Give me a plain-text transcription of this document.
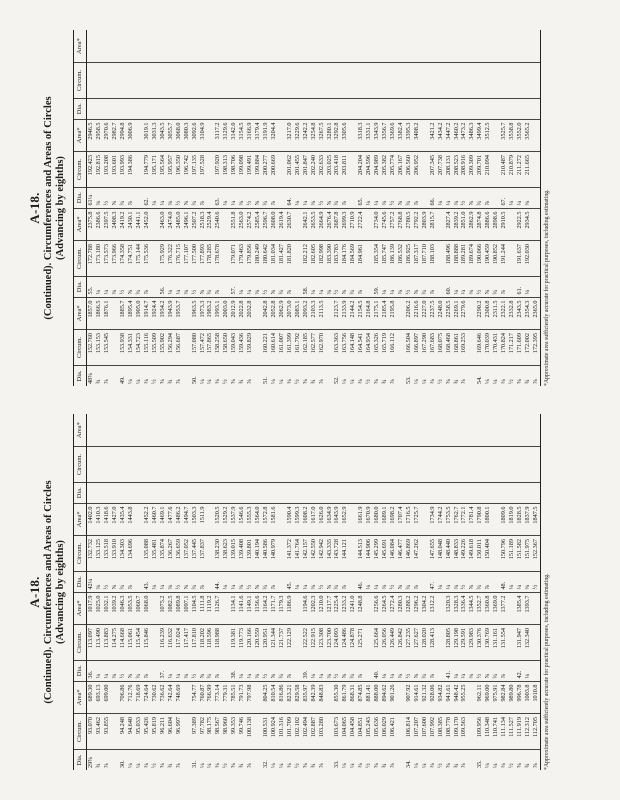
A-18. (Continued). Circumferences and Areas of Circles (Advancing by eighths)
Dia.	Circum.	Area*	Dia.	Circum.	Area*	Dia.	Circum.	Area*	Dia.	Circum.	Area*
29⅝	93.070	689.30	36.	113.097	1017.9	42¼	132.732	1402.0			
¾	93.462	693.13	⅛	113.490	1025.0	⅜	133.125	1410.3			
⅞	93.855	699.00	¼	113.883	1032.1	½	133.518	1418.6			
			⅜	114.275	1039.2	⅝	133.910	1427.0			
30.	94.248	706.86	½	114.668	1046.3	¾	134.303	1435.4			
⅛	94.640	712.76	⅝	115.061	1053.5	⅞	134.696	1443.8			
¼	95.033	718.69	¾	115.454	1060.7						
⅜	95.426	724.64	⅞	115.846	1068.0	43.	135.088	1452.2			
½	95.819	730.62				⅛	135.481	1460.7			
⅝	96.211	736.62	37.	116.239	1075.2	¼	135.874	1469.1			
¾	96.604	742.64	⅛	116.632	1082.5	⅜	136.267	1477.6			
⅞	96.997	748.69	¼	117.024	1089.8	½	136.659	1486.2			
			⅜	117.417	1097.1	⅝	137.052	1494.7			
31.	97.389	754.77	½	117.810	1104.5	¾	137.445	1503.3			
⅛	97.782	760.87	⅝	118.202	1111.8	⅞	137.837	1511.9			
¼	98.175	766.99	¾	118.596	1119.2						
⅜	98.567	773.14	⅞	118.988	1126.7	44.	138.230	1520.5			
½	98.960	779.31				⅛	138.623	1529.2			
⅝	99.353	785.51	38.	119.381	1134.1	¼	139.015	1537.9			
¾	99.746	791.73	⅛	119.773	1141.6	⅜	139.408	1546.6			
⅞	100.138	797.98	¼	120.166	1149.1	½	139.801	1555.3			
			⅜	120.559	1156.6	⅝	140.194	1564.0			
32.	100.531	804.25	½	120.951	1164.2	¾	140.586	1572.8			
⅛	100.924	810.54	⅝	121.344	1171.7	⅞	140.979	1581.6			
¼	101.316	816.86	¾	121.737	1179.3						
⅜	101.709	823.21	⅞	122.129	1186.9	45.	141.372	1590.4			
½	102.102	829.58				⅛	141.764	1599.3			
⅝	102.494	835.97	39.	122.522	1194.6	¼	142.157	1608.2			
¾	102.887	842.39	⅛	122.915	1202.3	⅜	142.550	1617.0			
⅞	103.280	848.83	¼	123.308	1210.0	½	142.942	1626.0			
			⅜	123.700	1217.7	⅝	143.335	1634.9			
33.	103.673	855.30	½	124.093	1225.4	¾	143.728	1643.9			
⅛	104.065	861.79	⅝	124.486	1233.2	⅞	144.121	1652.9			
¼	104.458	868.31	¾	124.878	1241.0						
⅜	104.851	874.85	⅞	125.271	1248.8	46.	144.513	1661.9			
½	105.243	881.41				⅛	144.906	1670.9			
⅝	105.636	888.00	40.	125.664	1256.6	¼	145.299	1680.0			
¾	106.029	894.62	⅛	126.056	1264.5	⅜	145.691	1689.1			
⅞	106.421	901.26	¼	126.449	1272.4	½	146.084	1698.2			
			⅜	126.842	1280.3	⅝	146.477	1707.4			
34.	106.814	907.92	½	127.235	1288.2	¾	146.869	1716.5			
⅛	107.207	914.61	⅝	127.627	1296.2	⅞	147.262	1725.7			
¼	107.600	921.32	¾	128.020	1304.2						
⅜	107.992	928.06	⅞	128.413	1312.2	47.	147.655	1734.9			
½	108.385	934.82				⅛	148.048	1744.2			
⅝	108.778	941.61	41.	128.805	1320.3	¼	148.440	1753.5			
¾	109.170	948.42	⅛	129.198	1328.3	⅜	148.833	1762.7			
⅞	109.563	955.25	¼	129.591	1336.4	½	149.226	1772.1			
			⅜	129.983	1344.5	⅝	149.618	1781.4			
35.	109.956	962.11	½	130.376	1352.7	¾	150.011	1790.8			
⅛	110.348	969.00	⅝	130.769	1360.8	⅞	150.404	1800.1			
¼	110.741	975.91	¾	131.161	1369.0						
⅜	111.134	982.84	⅞	131.554	1377.2	48.	150.796	1809.6			
½	111.527	989.80				⅛	151.189	1819.0			
⅝	111.919	996.78	42.	131.947	1385.4	¼	151.582	1828.5			
¾	112.312	1003.8	⅛	132.340	1393.7	⅜	151.975	1837.9			
⅞	112.705	1010.8				½	152.367	1847.5			
*Approximate area sufficiently accurate for practical purposes, including estimating.
A-18. (Continued). Circumferences and Areas of Circles (Advancing by eighths)
Dia.	Circum.	Area*	Dia.	Circum.	Area*	Dia.	Circum.	Area*	Dia.	Circum.	Area*
48⅝	152.760	1857.0	55.	172.788	2375.8	61¼	192.423	2946.5			
¾	153.153	1866.5	⅛	173.180	2386.6	⅜	192.815	2958.5			
⅞	153.545	1876.1	¼	173.573	2397.5	½	193.208	2970.6			
			⅜	173.966	2408.3	⅝	193.601	2982.7			
49.	153.938	1885.7	½	174.358	2419.2	¾	193.993	2994.8			
⅛	154.331	1895.4	⅝	174.751	2430.1	⅞	194.386	3006.9			
¼	154.723	1905.0	¾	175.144	2441.1						
⅜	155.116	1914.7	⅞	175.536	2452.0	62.	194.779	3019.1			
½	155.509	1924.4				⅛	195.171	3031.3			
⅝	155.902	1934.2	56.	175.929	2463.0	¼	195.564	3043.5			
¾	156.294	1943.9	⅛	176.322	2474.0	⅜	195.957	3055.7			
⅞	156.687	1953.7	¼	176.715	2485.0	½	196.350	3068.0			
			⅜	177.107	2496.1	⅝	196.742	3080.3			
50.	157.080	1963.5	½	177.500	2507.2	¾	197.135	3092.6			
⅛	157.472	1973.3	⅝	177.893	2518.3	⅞	197.528	3104.9			
¼	157.865	1983.2	¾	178.285	2529.4						
⅜	158.258	1993.1	⅞	178.678	2540.6	63.	197.920	3117.2			
½	158.650	2003.0				⅛	198.313	3129.6			
⅝	159.043	2012.9	57.	179.071	2551.8	¼	198.706	3142.0			
¾	159.436	2022.8	⅛	179.463	2563.0	⅜	199.098	3154.5			
⅞	159.829	2032.8	¼	179.856	2574.2	½	199.491	3166.9			
			⅜	180.249	2585.4	⅝	199.884	3179.4			
51.	160.221	2042.8	½	180.642	2596.7	¾	200.277	3191.9			
⅛	160.614	2052.8	⅝	181.034	2608.0	⅞	200.669	3204.4			
¼	161.007	2062.9	¾	181.427	2619.4						
⅜	161.399	2073.0	⅞	181.820	2630.7	64.	201.062	3217.0			
½	161.792	2083.1				⅛	201.455	3229.6			
⅝	162.185	2093.2	58.	182.212	2642.1	¼	201.847	3242.2			
¾	162.577	2103.3	⅛	182.605	2653.5	⅜	202.240	3254.8			
⅞	162.970	2113.5	¼	182.998	2664.9	½	202.633	3267.5			
			⅜	183.390	2676.4	⅝	203.025	3280.1			
52.	163.363	2123.7	½	183.783	2687.8	¾	203.418	3292.8			
⅛	163.756	2133.9	⅝	184.176	2699.3	⅞	203.811	3305.6			
¼	164.148	2144.2	¾	184.569	2710.9						
⅜	164.541	2154.5	⅞	184.961	2722.4	65.	204.204	3318.3			
½	164.934	2164.8				⅛	204.596	3331.1			
⅝	165.326	2175.1	59.	185.354	2734.0	¼	204.989	3343.9			
¾	165.719	2185.4	⅛	185.747	2745.6	⅜	205.382	3356.7			
⅞	166.112	2195.8	¼	186.139	2757.2	½	205.774	3369.6			
			⅜	186.532	2768.8	⅝	206.167	3382.4			
53.	166.504	2206.2	½	186.925	2780.5	¾	206.560	3395.3			
⅛	166.897	2216.6	⅝	187.317	2792.2	⅞	206.952	3408.2			
¼	167.290	2227.0	¾	187.710	2803.9						
⅜	167.683	2237.5	⅞	188.103	2815.7	66.	207.345	3421.2			
½	168.075	2248.0				⅛	207.738	3434.2			
⅝	168.468	2258.5	60.	188.496	2827.4	¼	208.131	3447.2			
¾	168.861	2269.1	⅛	188.888	2839.2	⅜	208.523	3460.2			
⅞	169.253	2279.6	¼	189.281	2851.0	½	208.916	3473.2			
			⅜	189.674	2862.9	⅝	209.309	3486.3			
54.	169.646	2290.2	½	190.066	2874.8	¾	209.701	3499.4			
⅛	170.039	2300.8	⅝	190.459	2886.6	⅞	210.094	3512.5			
¼	170.431	2311.5	¾	190.852	2898.6						
⅜	170.824	2322.1	⅞	191.244	2910.5	67.	210.487	3525.7			
½	171.217	2332.8				⅛	210.879	3538.8			
⅝	171.609	2343.5	61.	191.637	2922.5	¼	211.272	3552.0			
¾	172.002	2354.3	⅛	192.030	2934.5	⅜	211.665	3565.2			
⅞	172.395	2365.0									*Approximate area sufficiently accurate for practical purposes, including estimating.
